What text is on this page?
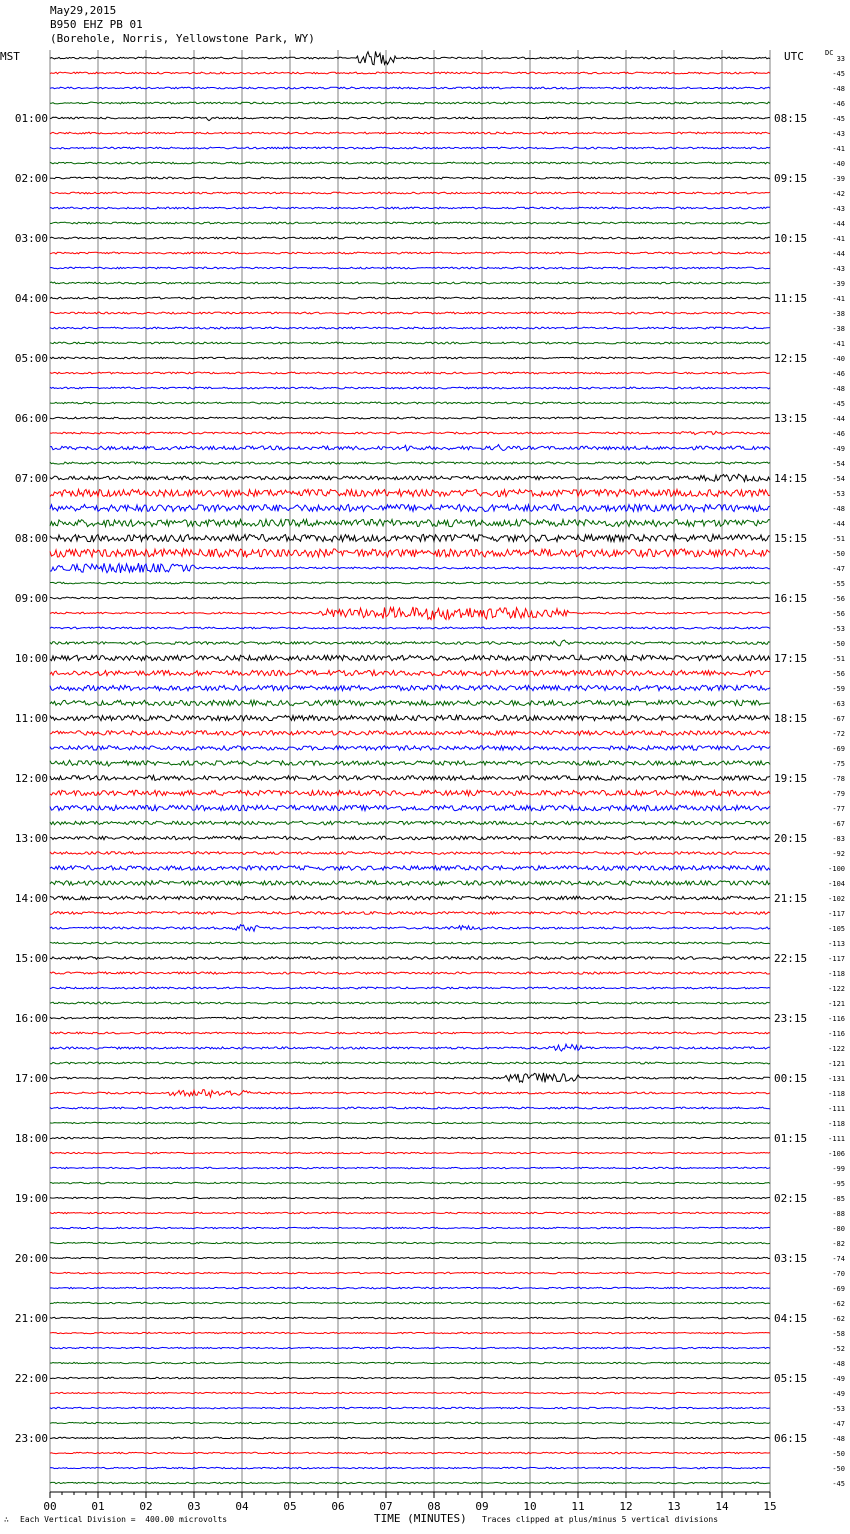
May29,2015
B950 EHZ PB 01
(Borehole, Norris, Yellowstone Park, WY)
MST	UTC	DC
01:00
02:00
03:00
04:00
05:00
06:00
07:00
08:00
09:00
10:00
11:00
12:00
13:00
14:00
15:00
16:00
17:00
18:00
19:00
20:00
21:00
22:00
23:00
08:15
09:15
10:15
11:15
12:15
13:15
14:15
15:15
16:15
17:15
18:15
19:15
20:15
21:15
22:15
23:15
00:15
01:15
02:15
03:15
04:15
05:15
06:15
33
-45
-48
-46
-45
-43
-41
-40
-39
-42
-43
-44
-41
-44
-43
-39
-41
-38
-38
-41
-40
-46
-48
-45
-44
-46
-49
-54
-54
-53
-48
-44
-51
-50
-47
-55
-56
-56
-53
-50
-51
-56
-59
-63
-67
-72
-69
-75
-78
-79
-77
-67
-83
-92
-100
-104
-102
-117
-105
-113
-117
-118
-122
-121
-116
-116
-122
-121
-131
-118
-111
-118
-111
-106
-99
-95
-85
-88
-80
-82
-74
-70
-69
-62
-62
-58
-52
-48
-49
-49
-53
-47
-48
-50
-50
-45
00	01	02	03	04	05	06	07	08	09	10	11	12	13	14	15
∴ Each Vertical Division =  400.00 microvolts	TIME (MINUTES) Traces clipped at plus/minus 5 vertical divisions
